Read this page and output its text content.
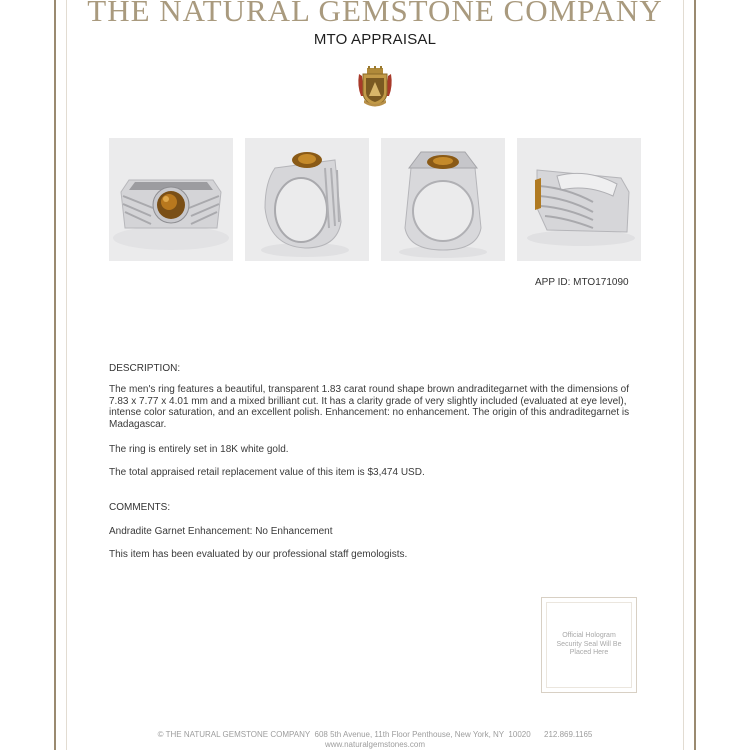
THE NATURAL GEMSTONE COMPANY
MTO APPRAISAL
APP ID: MTO171090
DESCRIPTION:
The men's ring features a beautiful, transparent 1.83 carat round shape brown andraditegarnet with the dimensions of 7.83 x 7.77 x 4.01 mm and a mixed brilliant cut. It has a clarity grade of very slightly included (evaluated at eye level), intense color saturation, and an excellent polish. Enhancement: no enhancement. The origin of this andraditegarnet is Madagascar.
The ring is entirely set in 18K white gold.
The total appraised retail replacement value of this item is $3,474 USD.
COMMENTS:
Andradite Garnet Enhancement: No Enhancement
This item has been evaluated by our professional staff gemologists.
Official Hologram Security Seal Will Be Placed Here
© THE NATURAL GEMSTONE COMPANY  608 5th Avenue, 11th Floor Penthouse, New York, NY  10020      212.869.1165
www.naturalgemstones.com
